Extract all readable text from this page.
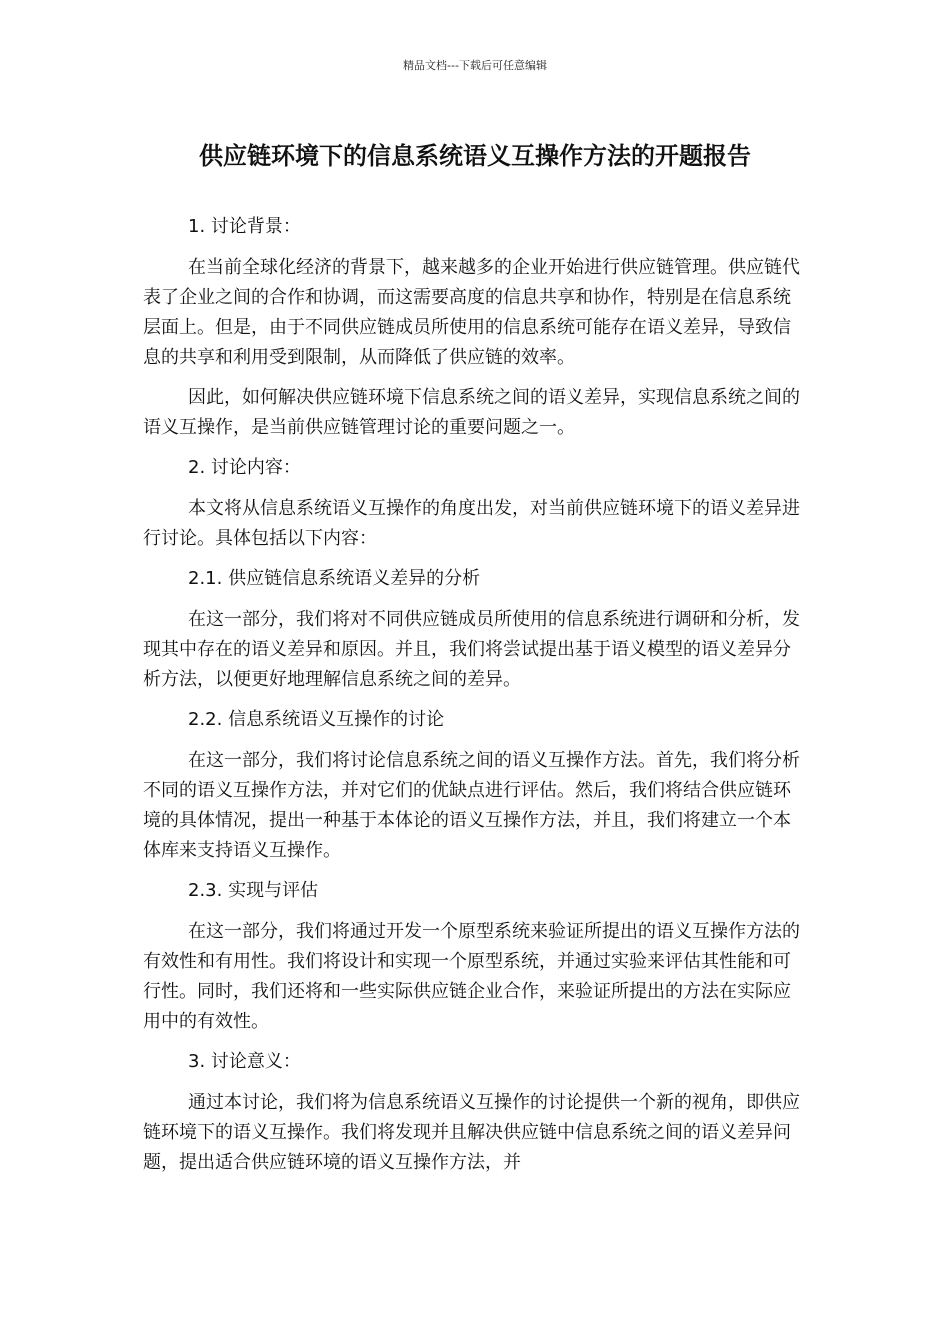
精品文档---下载后可任意编辑
供应链环境下的信息系统语义互操作方法的开题报告

1. 讨论背景：

在当前全球化经济的背景下，越来越多的企业开始进行供应链管理。供应链代表了企业之间的合作和协调，而这需要高度的信息共享和协作，特别是在信息系统层面上。但是，由于不同供应链成员所使用的信息系统可能存在语义差异，导致信息的共享和利用受到限制，从而降低了供应链的效率。

因此，如何解决供应链环境下信息系统之间的语义差异，实现信息系统之间的语义互操作，是当前供应链管理讨论的重要问题之一。

2. 讨论内容：

本文将从信息系统语义互操作的角度出发，对当前供应链环境下的语义差异进行讨论。具体包括以下内容：

2.1. 供应链信息系统语义差异的分析

在这一部分，我们将对不同供应链成员所使用的信息系统进行调研和分析，发现其中存在的语义差异和原因。并且，我们将尝试提出基于语义模型的语义差异分析方法，以便更好地理解信息系统之间的差异。

2.2. 信息系统语义互操作的讨论

在这一部分，我们将讨论信息系统之间的语义互操作方法。首先，我们将分析不同的语义互操作方法，并对它们的优缺点进行评估。然后，我们将结合供应链环境的具体情况，提出一种基于本体论的语义互操作方法，并且，我们将建立一个本体库来支持语义互操作。

2.3. 实现与评估

在这一部分，我们将通过开发一个原型系统来验证所提出的语义互操作方法的有效性和有用性。我们将设计和实现一个原型系统，并通过实验来评估其性能和可行性。同时，我们还将和一些实际供应链企业合作，来验证所提出的方法在实际应用中的有效性。

3. 讨论意义：

通过本讨论，我们将为信息系统语义互操作的讨论提供一个新的视角，即供应链环境下的语义互操作。我们将发现并且解决供应链中信息系统之间的语义差异问题，提出适合供应链环境的语义互操作方法，并
